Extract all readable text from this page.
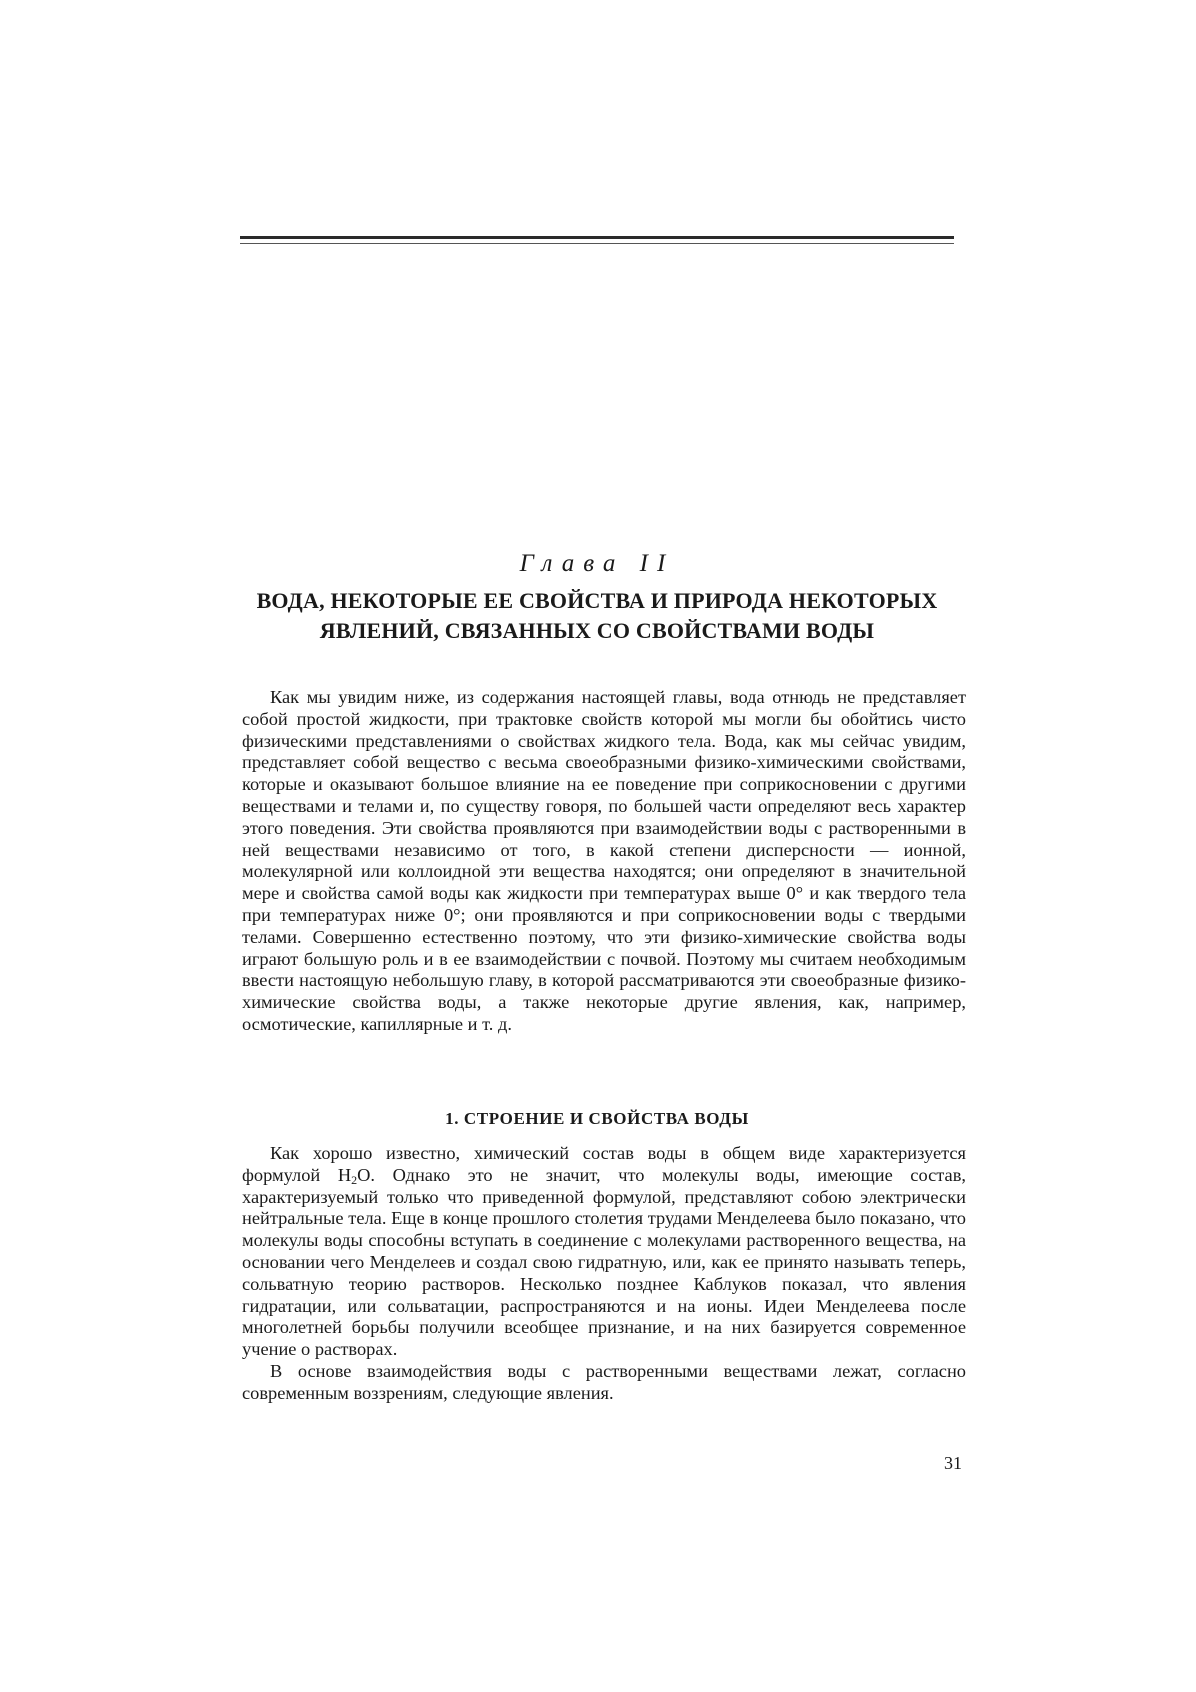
Глава II
ВОДА, НЕКОТОРЫЕ ЕЕ СВОЙСТВА И ПРИРОДА НЕКОТОРЫХ
ЯВЛЕНИЙ, СВЯЗАННЫХ СО СВОЙСТВАМИ ВОДЫ

Как мы увидим ниже, из содержания настоящей главы, вода отнюдь не представляет собой простой жидкости, при трактовке свойств которой мы могли бы обойтись чисто физическими представлениями о свойствах жидкого тела. Вода, как мы сейчас увидим, представляет собой вещество с весьма своеобразными физико-химическими свойствами, которые и оказывают большое влияние на ее поведение при соприкосновении с другими веществами и телами и, по существу говоря, по большей части определяют весь характер этого поведения. Эти свойства проявляются при взаимодействии воды с растворенными в ней веществами независимо от того, в какой степени дисперсности — ионной, молекулярной или коллоидной эти вещества находятся; они определяют в значительной мере и свойства самой воды как жидкости при температурах выше 0° и как твердого тела при температурах ниже 0°; они проявляются и при соприкосновении воды с твердыми телами. Совершенно естественно поэтому, что эти физико-химические свойства воды играют большую роль и в ее взаимодействии с почвой. Поэтому мы считаем необходимым ввести настоящую небольшую главу, в которой рассматриваются эти своеобразные физико-химические свойства воды, а также некоторые другие явления, как, например, осмотические, капиллярные и т. д.

1. СТРОЕНИЕ И СВОЙСТВА ВОДЫ

Как хорошо известно, химический состав воды в общем виде характеризуется формулой $H_2O$. Однако это не значит, что молекулы воды, имеющие состав, характеризуемый только что приведенной формулой, представляют собою электрически нейтральные тела. Еще в конце прошлого столетия трудами Менделеева было показано, что молекулы воды способны вступать в соединение с молекулами растворенного вещества, на основании чего Менделеев и создал свою гидратную, или, как ее принято называть теперь, сольватную теорию растворов. Несколько позднее Каблуков показал, что явления гидратации, или сольватации, распространяются и на ионы. Идеи Менделеева после многолетней борьбы получили всеобщее признание, и на них базируется современное учение о растворах.

В основе взаимодействия воды с растворенными веществами лежат, согласно современным воззрениям, следующие явления.

31
